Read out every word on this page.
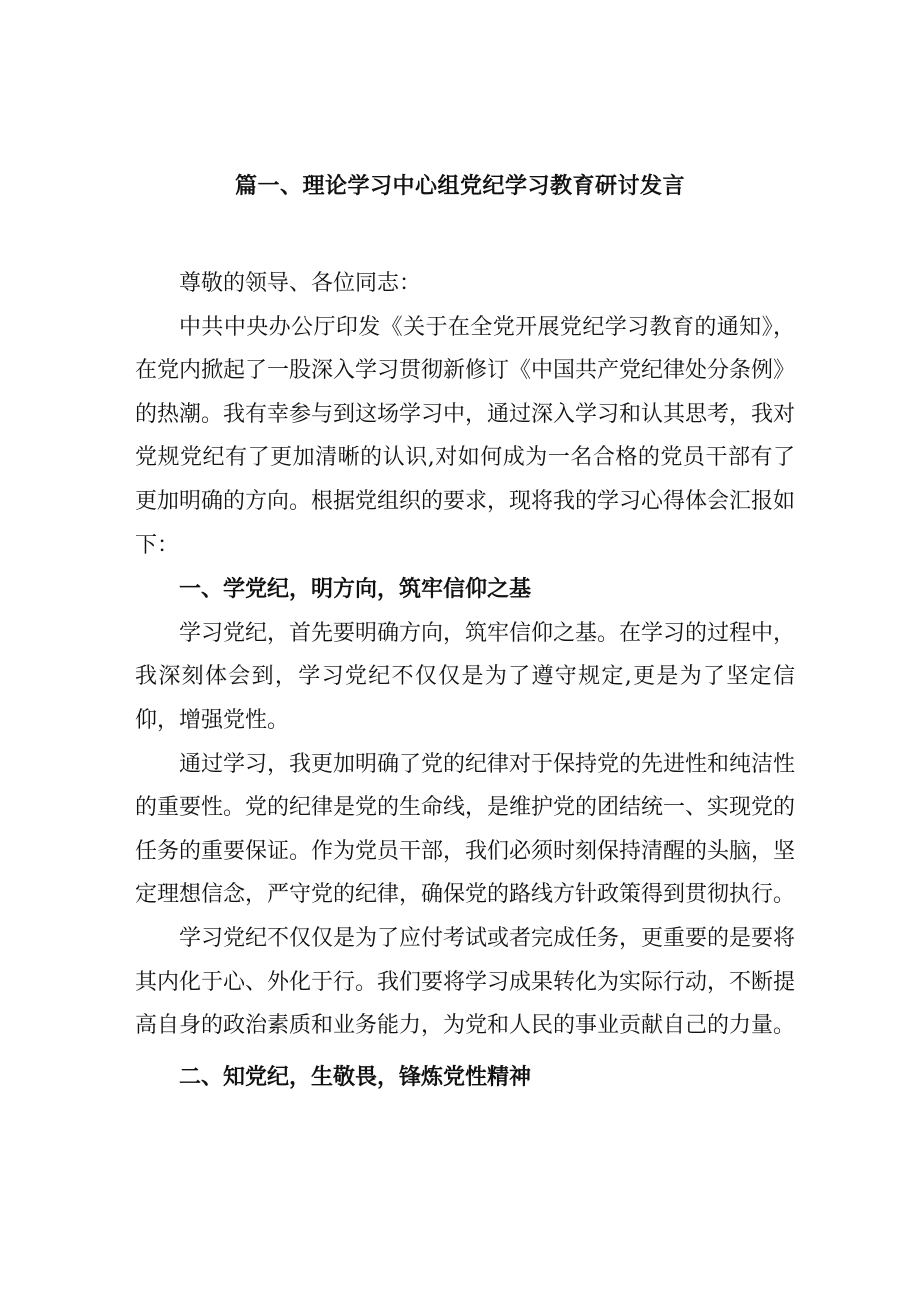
篇一、理论学习中心组党纪学习教育研讨发言

尊敬的领导、各位同志：

中共中央办公厅印发《关于在全党开展党纪学习教育的通知》，在党内掀起了一股深入学习贯彻新修订《中国共产党纪律处分条例》的热潮。我有幸参与到这场学习中，通过深入学习和认其思考，我对党规党纪有了更加清晰的认识,对如何成为一名合格的党员干部有了更加明确的方向。根据党组织的要求，现将我的学习心得体会汇报如下：

一、学党纪，明方向，筑牢信仰之基

学习党纪，首先要明确方向，筑牢信仰之基。在学习的过程中，我深刻体会到，学习党纪不仅仅是为了遵守规定,更是为了坚定信仰，增强党性。

通过学习，我更加明确了党的纪律对于保持党的先进性和纯洁性的重要性。党的纪律是党的生命线，是维护党的团结统一、实现党的任务的重要保证。作为党员干部，我们必须时刻保持清醒的头脑，坚定理想信念，严守党的纪律，确保党的路线方针政策得到贯彻执行。

学习党纪不仅仅是为了应付考试或者完成任务，更重要的是要将其内化于心、外化于行。我们要将学习成果转化为实际行动，不断提高自身的政治素质和业务能力，为党和人民的事业贡献自己的力量。

二、知党纪，生敬畏，锋炼党性精神
